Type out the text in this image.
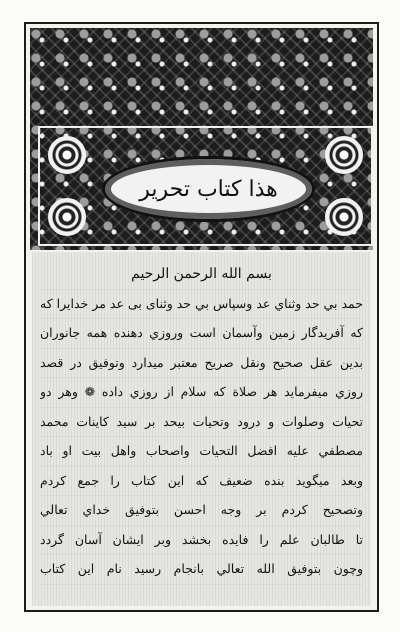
هذا كتاب تحرير
بسم الله الرحمن الرحيم
حمد بي حد وثناي عد وسپاس بي حد وثنای بی عد مر خدايرا كه
كه آفريدگار زمين وآسمان است وروزي دهنده همه جانوران
بدين عقل صحيح ونقل صريح معتبر ميدارد وتوفيق در قصد
روزي ميفرمايد هر صلاة كه سلام از روزي داده ❁ وهر دو
تحيات وصلوات و درود وتحيات بيحد بر سيد كاينات محمد
مصطفي عليه افضل التحيات واصحاب واهل بيت او باد
وبعد ميگويد بنده ضعيف كه اين كتاب را جمع كردم
وتصحيح كردم بر وجه احسن بتوفيق خداي تعالي
تا طالبان علم را فايده بخشد وبر ايشان آسان گردد
وچون بتوفيق الله تعالي بانجام رسيد نام اين كتاب
